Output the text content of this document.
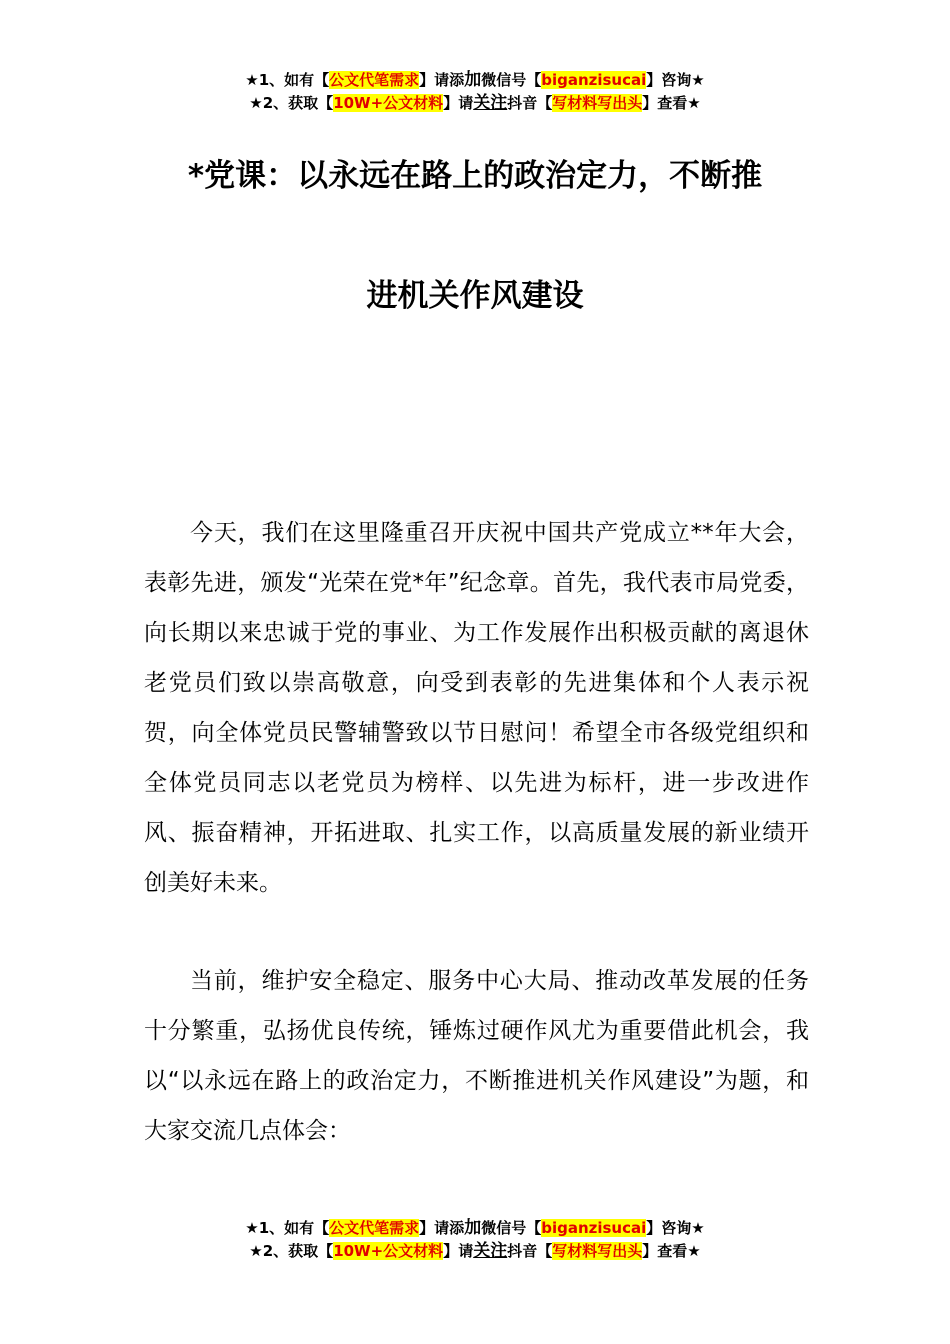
★1、如有【公文代笔需求】请添加微信号【biganzisucai】咨询★
★2、获取【10W+公文材料】请关注抖音【写材料写出头】查看★
*党课：以永远在路上的政治定力，不断推
进机关作风建设

今天，我们在这里隆重召开庆祝中国共产党成立**年大会，表彰先进，颁发“光荣在党*年”纪念章。首先，我代表市局党委，向长期以来忠诚于党的事业、为工作发展作出积极贡献的离退休老党员们致以崇高敬意，向受到表彰的先进集体和个人表示祝贺，向全体党员民警辅警致以节日慰问！希望全市各级党组织和全体党员同志以老党员为榜样、以先进为标杆，进一步改进作风、振奋精神，开拓进取、扎实工作，以高质量发展的新业绩开创美好未来。

当前，维护安全稳定、服务中心大局、推动改革发展的任务十分繁重，弘扬优良传统，锤炼过硬作风尤为重要借此机会，我以“以永远在路上的政治定力，不断推进机关作风建设”为题，和大家交流几点体会：

★1、如有【公文代笔需求】请添加微信号【biganzisucai】咨询★
★2、获取【10W+公文材料】请关注抖音【写材料写出头】查看★
